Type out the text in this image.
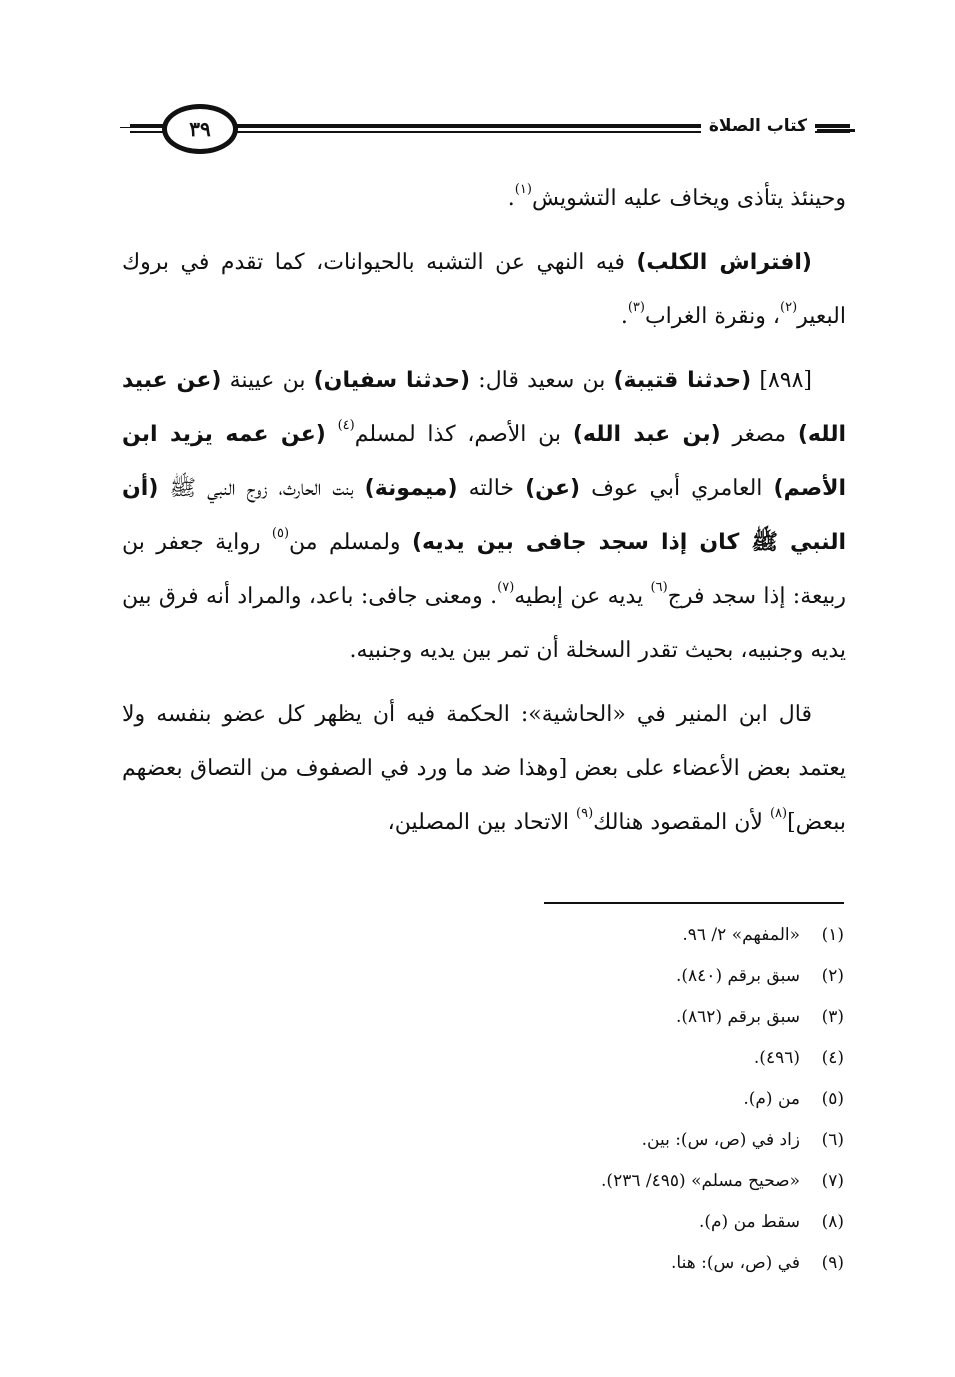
٣٩	كتاب الصلاة

وحينئذ يتأذى ويخاف عليه التشويش$^{(١)}$.

(افتراش الكلب) فيه النهي عن التشبه بالحيوانات، كما تقدم في بروك البعير$^{(٢)}$، ونقرة الغراب$^{(٣)}$.

[٨٩٨] (حدثنا قتيبة) بن سعيد قال: (حدثنا سفيان) بن عيينة (عن عبيد الله) مصغر (بن عبد الله) بن الأصم، كذا لمسلم$^{(٤)}$ (عن عمه يزيد ابن الأصم) العامري أبي عوف (عن) خالته (ميمونة) بنت الحارث، زوج النبي ﷺ (أن النبي ﷺ كان إذا سجد جافى بين يديه) ولمسلم من$^{(٥)}$ رواية جعفر بن ربيعة: إذا سجد فرج$^{(٦)}$ يديه عن إبطيه$^{(٧)}$. ومعنى جافى: باعد، والمراد أنه فرق بين يديه وجنبيه، بحيث تقدر السخلة أن تمر بين يديه وجنبيه.

قال ابن المنير في «الحاشية»: الحكمة فيه أن يظهر كل عضو بنفسه ولا يعتمد بعض الأعضاء على بعض [وهذا ضد ما ورد في الصفوف من التصاق بعضهم ببعض]$^{(٨)}$ لأن المقصود هنالك$^{(٩)}$ الاتحاد بين المصلين،

(١)
«المفهم» ٢/ ٩٦.
(٢)
سبق برقم (٨٤٠).
(٣)
سبق برقم (٨٦٢).
(٤)
(٤٩٦).
(٥)
من (م).
(٦)
زاد في (ص، س): بين.
(٧)
«صحيح مسلم» (٤٩٥/ ٢٣٦).
(٨)
سقط من (م).
(٩)
في (ص، س): هنا.
